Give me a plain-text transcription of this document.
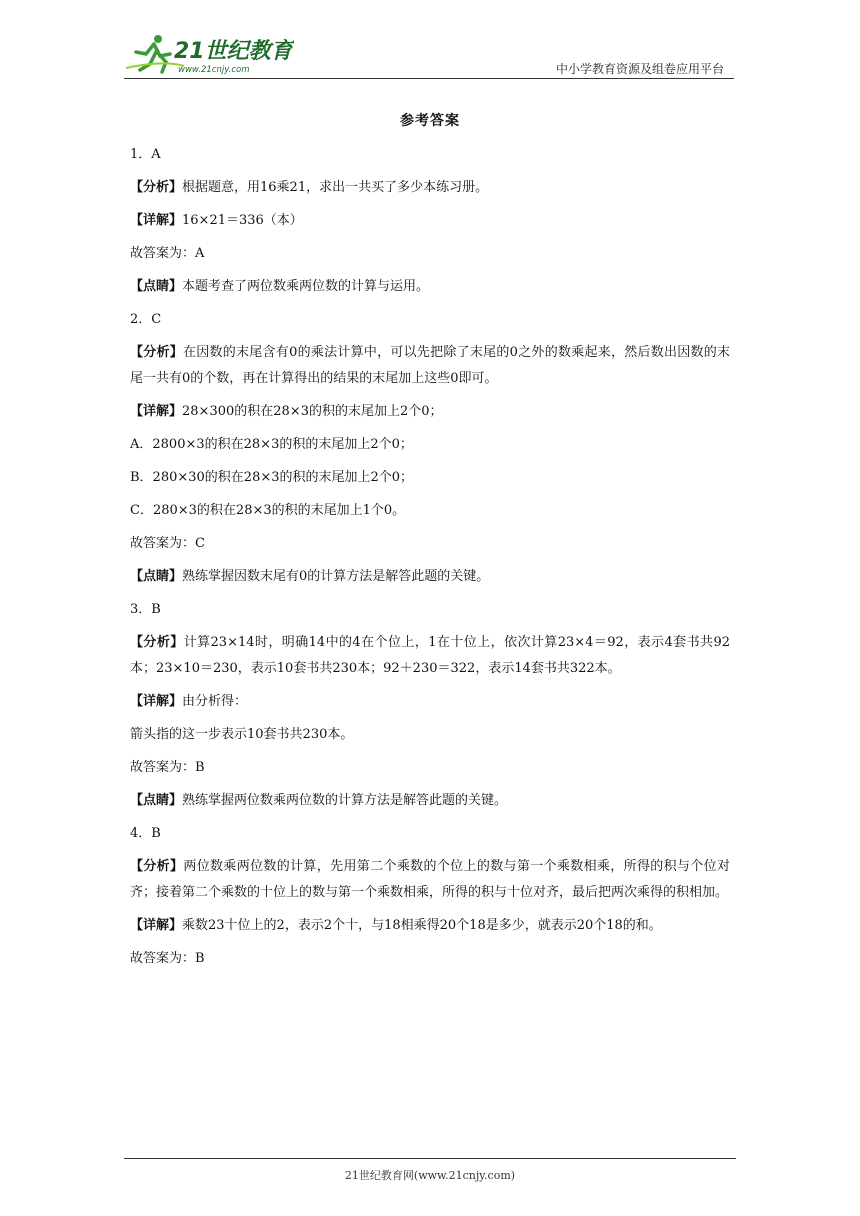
21世纪教育
www.21cnjy.com	中小学教育资源及组卷应用平台
参考答案
1．A
【分析】根据题意，用16乘21，求出一共买了多少本练习册。
【详解】16×21＝336（本）
故答案为：A
【点睛】本题考查了两位数乘两位数的计算与运用。
2．C
【分析】在因数的末尾含有0的乘法计算中，可以先把除了末尾的0之外的数乘起来，然后数出因数的末尾一共有0的个数，再在计算得出的结果的末尾加上这些0即可。
【详解】28×300的积在28×3的积的末尾加上2个0；
A．2800×3的积在28×3的积的末尾加上2个0；
B．280×30的积在28×3的积的末尾加上2个0；
C．280×3的积在28×3的积的末尾加上1个0。
故答案为：C
【点睛】熟练掌握因数末尾有0的计算方法是解答此题的关键。
3．B
【分析】计算23×14时，明确14中的4在个位上，1在十位上，依次计算23×4＝92，表示4套书共92本；23×10＝230，表示10套书共230本；92＋230＝322，表示14套书共322本。
【详解】由分析得：
箭头指的这一步表示10套书共230本。
故答案为：B
【点睛】熟练掌握两位数乘两位数的计算方法是解答此题的关键。
4．B
【分析】两位数乘两位数的计算，先用第二个乘数的个位上的数与第一个乘数相乘，所得的积与个位对齐；接着第二个乘数的十位上的数与第一个乘数相乘，所得的积与十位对齐，最后把两次乘得的积相加。
【详解】乘数23十位上的2，表示2个十，与18相乘得20个18是多少，就表示20个18的和。
故答案为：B
21世纪教育网(www.21cnjy.com)
